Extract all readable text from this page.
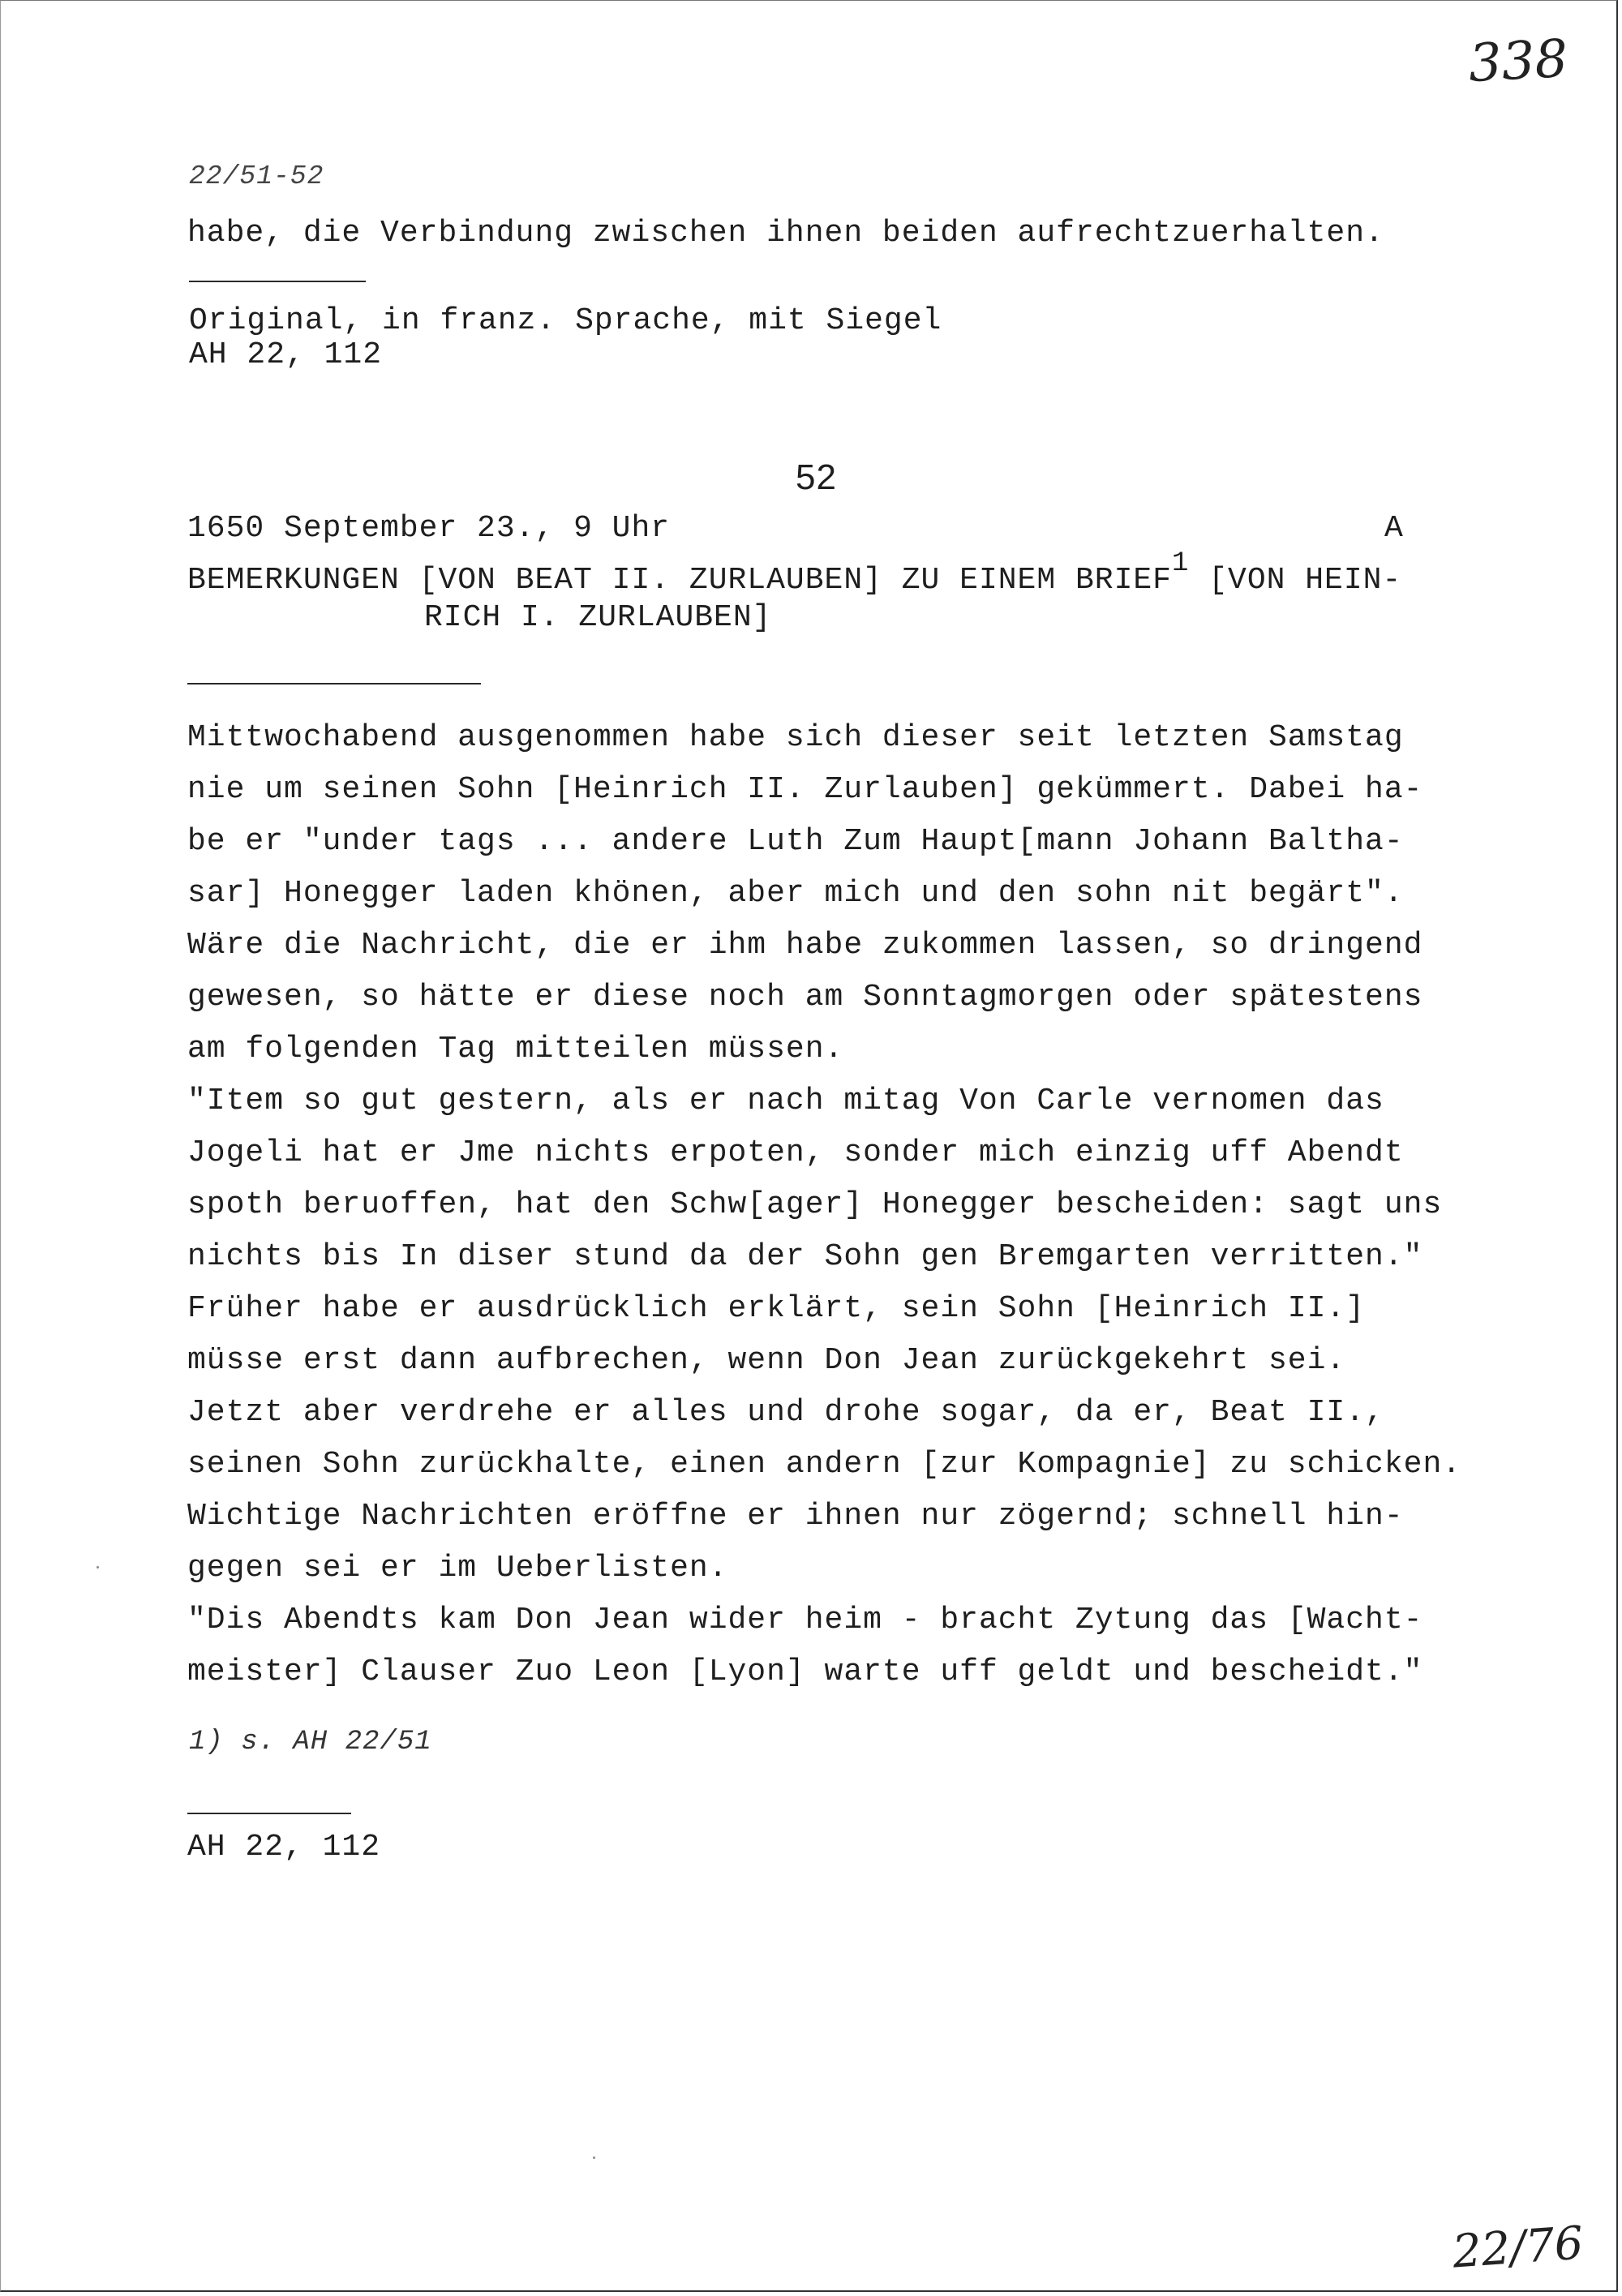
338
22/51-52
habe, die Verbindung zwischen ihnen beiden aufrechtzuerhalten.
Original, in franz. Sprache, mit Siegel
AH 22, 112
52
1650 September 23., 9 Uhr	A
BEMERKUNGEN [VON BEAT II. ZURLAUBEN] ZU EINEM BRIEF1 [VON HEIN-
RICH I. ZURLAUBEN]
Mittwochabend ausgenommen habe sich dieser seit letzten Samstag
nie um seinen Sohn [Heinrich II. Zurlauben] gekümmert. Dabei ha-
be er "under tags ... andere Luth Zum Haupt[mann Johann Baltha-
sar] Honegger laden khönen, aber mich und den sohn nit begärt".
Wäre die Nachricht, die er ihm habe zukommen lassen, so dringend
gewesen, so hätte er diese noch am Sonntagmorgen oder spätestens
am folgenden Tag mitteilen müssen.
"Item so gut gestern, als er nach mitag Von Carle vernomen das
Jogeli hat er Jme nichts erpoten, sonder mich einzig uff Abendt
spoth beruoffen, hat den Schw[ager] Honegger bescheiden: sagt uns
nichts bis In diser stund da der Sohn gen Bremgarten verritten."
Früher habe er ausdrücklich erklärt, sein Sohn [Heinrich II.]
müsse erst dann aufbrechen, wenn Don Jean zurückgekehrt sei.
Jetzt aber verdrehe er alles und drohe sogar, da er, Beat II.,
seinen Sohn zurückhalte, einen andern [zur Kompagnie] zu schicken.
Wichtige Nachrichten eröffne er ihnen nur zögernd; schnell hin-
gegen sei er im Ueberlisten.
"Dis Abendts kam Don Jean wider heim - bracht Zytung das [Wacht-
meister] Clauser Zuo Leon [Lyon] warte uff geldt und bescheidt."
1) s. AH 22/51
AH 22, 112
22/76
